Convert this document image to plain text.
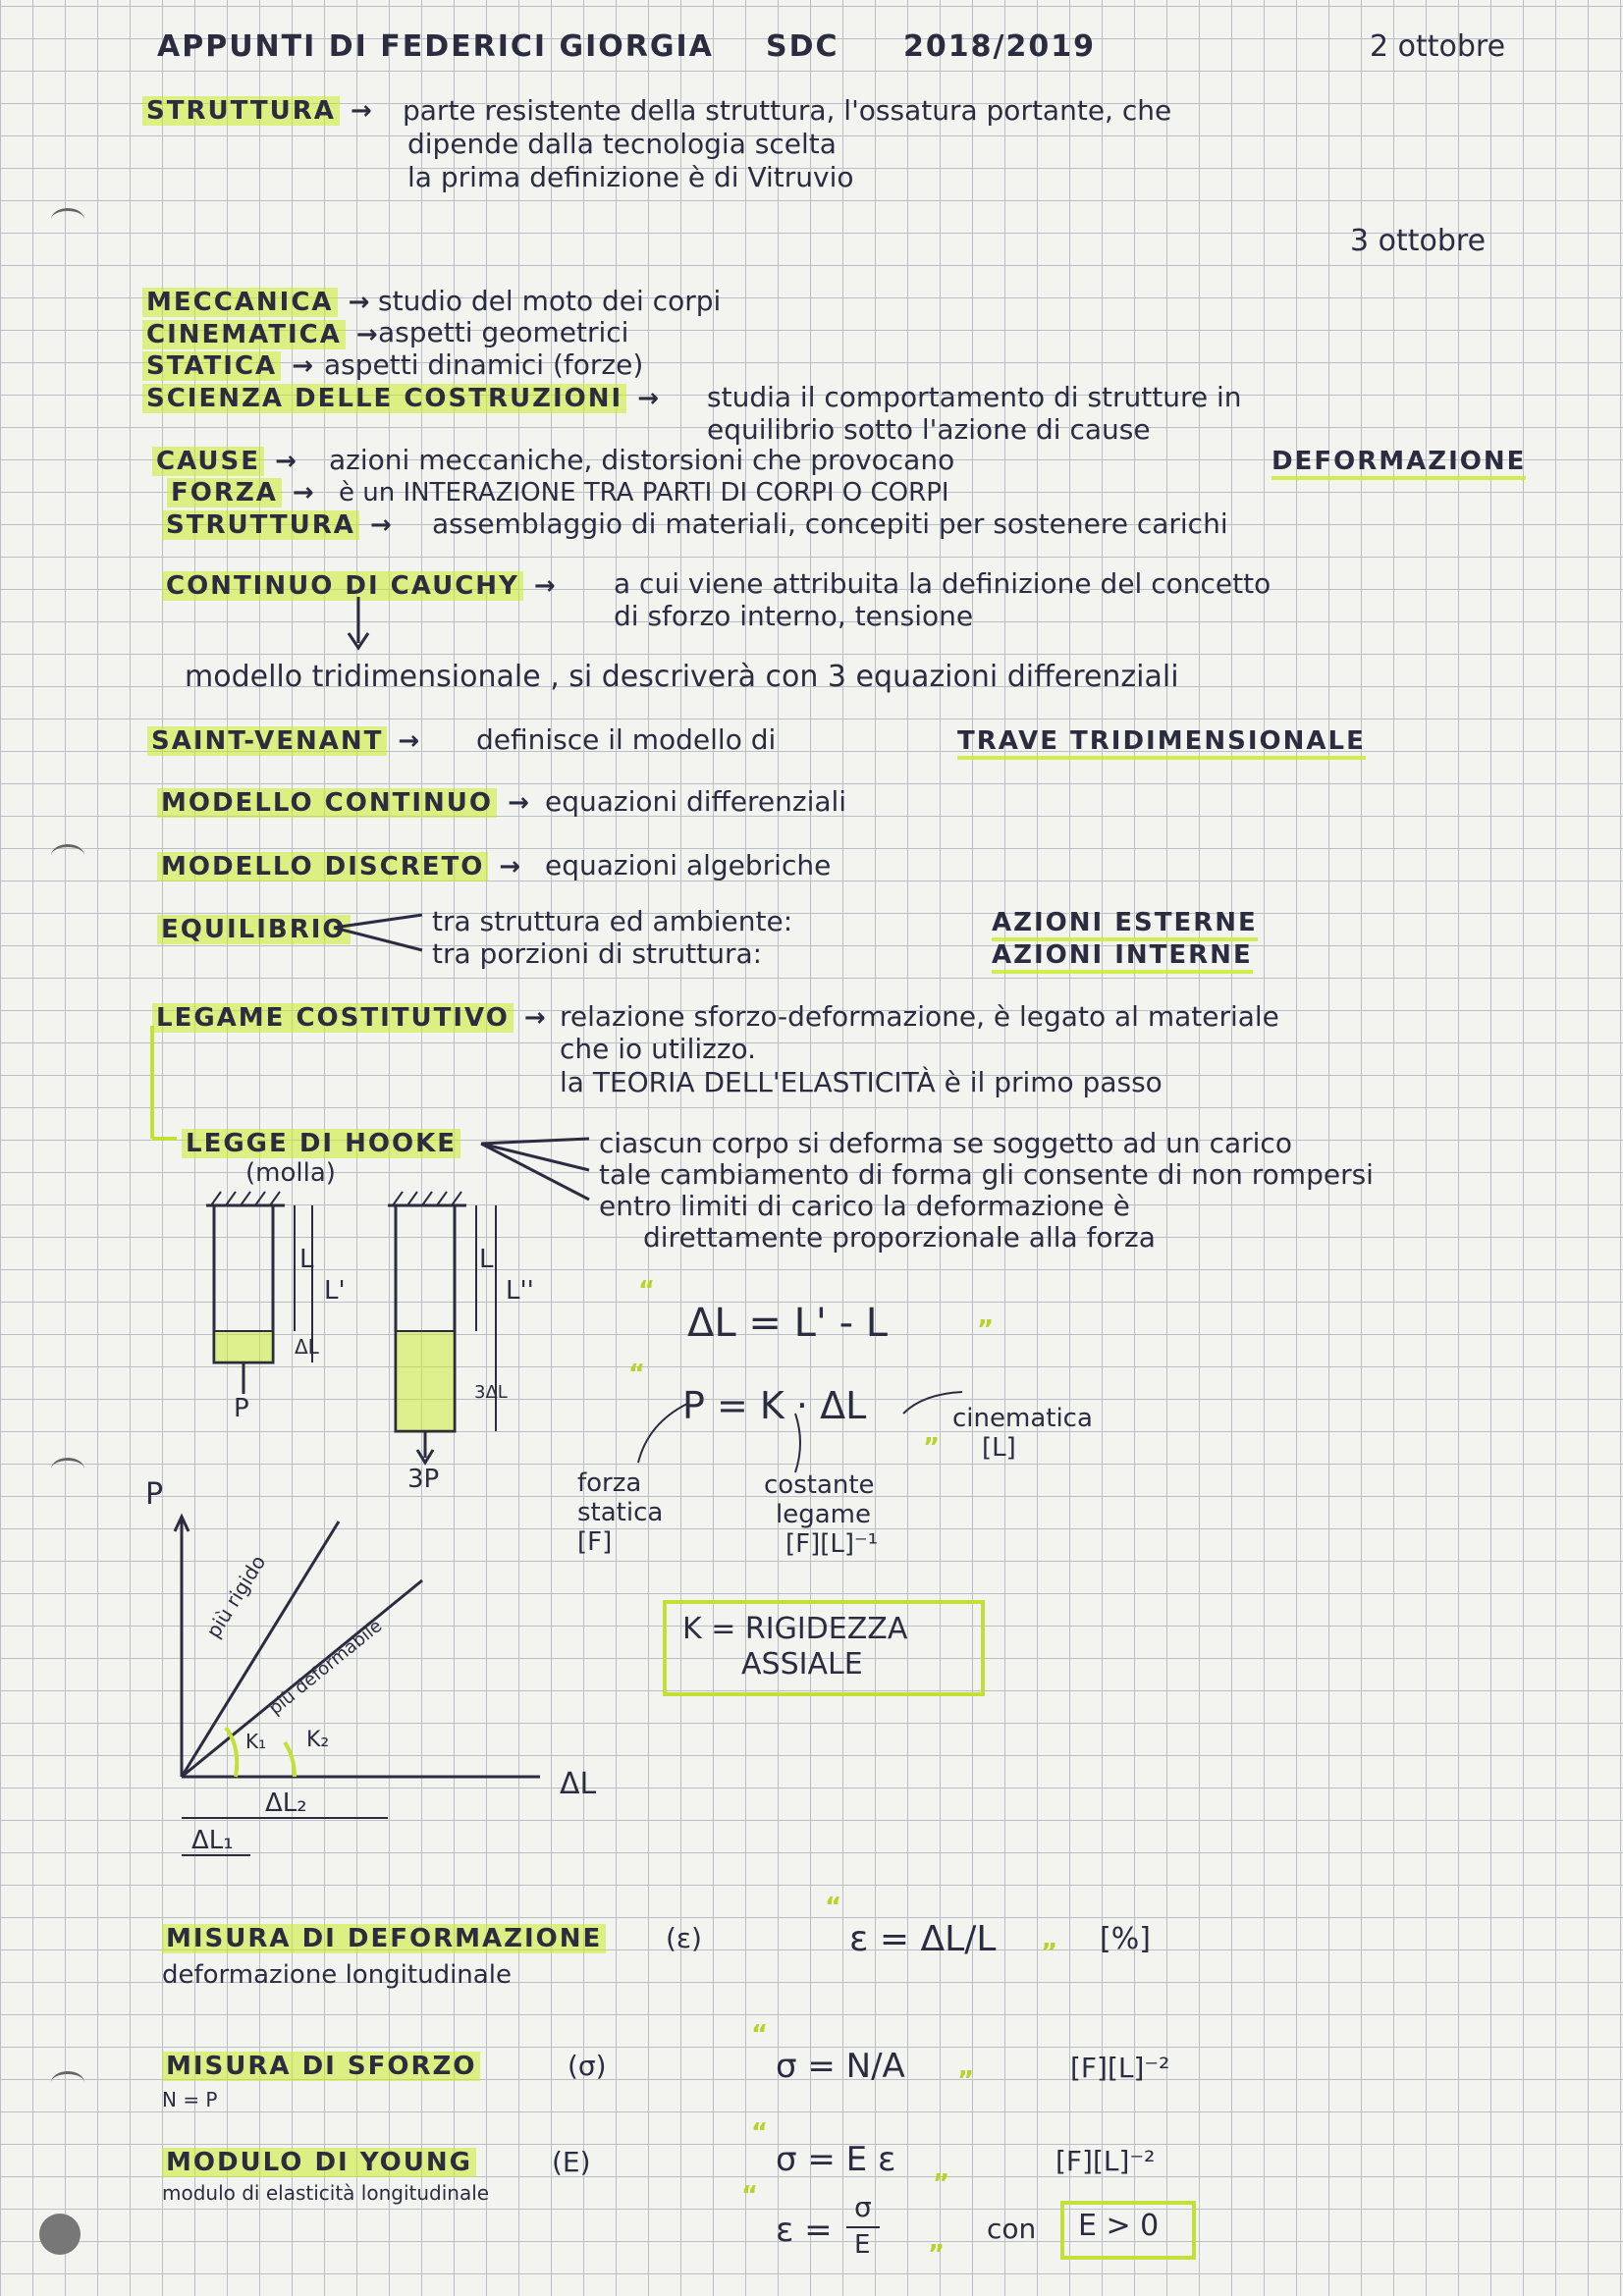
APPUNTI DI FEDERICI GIORGIA SDC 2018/2019	2 ottobre
STRUTTURA → parte resistente della struttura, l'ossatura portante, che
dipende dalla tecnologia scelta
la prima definizione è di Vitruvio
3 ottobre
MECCANICA → studio del moto dei corpi
CINEMATICA →
aspetti geometrici
STATICA → aspetti dinamici (forze)
SCIENZA DELLE COSTRUZIONI → studia il comportamento di strutture in
equilibrio sotto l'azione di cause
CAUSE → azioni meccaniche, distorsioni che provocano	DEFORMAZIONE
FORZA → è un INTERAZIONE TRA PARTI DI CORPI O CORPI
STRUTTURA → assemblaggio di materiali, concepiti per sostenere carichi
CONTINUO DI CAUCHY → a cui viene attribuita la definizione del concetto
di sforzo interno, tensione
modello tridimensionale , si descriverà con 3 equazioni differenziali
SAINT-VENANT → definisce il modello di	TRAVE TRIDIMENSIONALE
MODELLO CONTINUO → equazioni differenziali
MODELLO DISCRETO → equazioni algebriche
EQUILIBRIO	tra struttura ed ambiente:	AZIONI ESTERNE
tra porzioni di struttura:	AZIONI INTERNE
LEGAME COSTITUTIVO → relazione sforzo-deformazione, è legato al materiale
che io utilizzo.
la TEORIA DELL'ELASTICITÀ è il primo passo
LEGGE DI HOOKE
(molla)
ciascun corpo si deforma se soggetto ad un carico
tale cambiamento di forma gli consente di non rompersi
entro limiti di carico la deformazione è
direttamente proporzionale alla forza
L
L'
ΔL
P
L
L''
3ΔL
3P
“
ΔL = L' - L	”
“
P = K · ΔL
”
cinematica
[L]
forza
statica
[F]
costante
legame
[F][L]⁻¹
K = RIGIDEZZA
ASSIALE
P
ΔL
più rigido
più deformabile
K₁ K₂
ΔL₂
ΔL₁
MISURA DI DEFORMAZIONE (ε)
deformazione longitudinale
“
ε = ΔL/L ” [%]
MISURA DI SFORZO	(σ)
N = P
“
σ = N/A ”	[F][L]⁻²
MODULO DI YOUNG	(E)
modulo di elasticità longitudinale
“
σ = E ε	[F][L]⁻²
”
“
ε =
σ
E ”
con E > 0
